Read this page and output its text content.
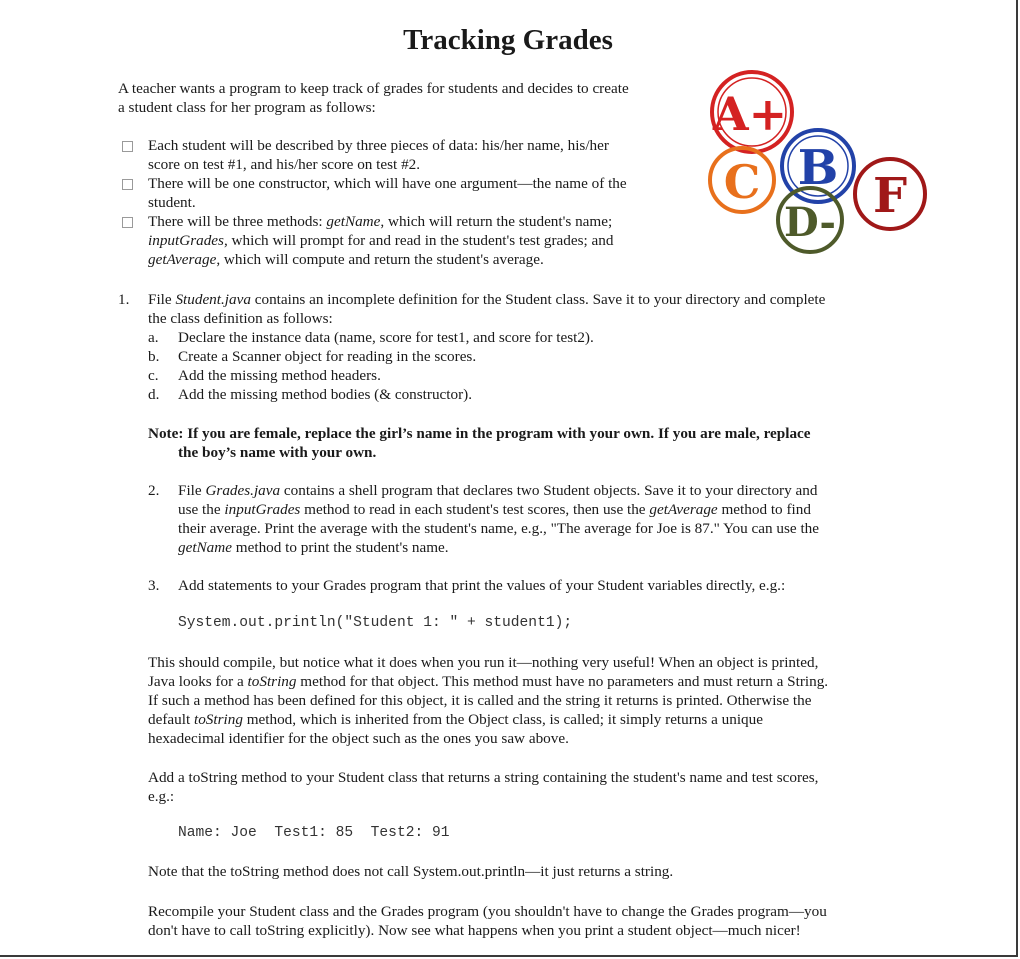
Tracking Grades
A teacher wants a program to keep track of grades for students and decides to create
a student class for her program as follows:
Each student will be described by three pieces of data: his/her name, his/her
score on test #1, and his/her score on test #2.
There will be one constructor, which will have one argument—the name of the
student.
There will be three methods: getName, which will return the student's name;
inputGrades, which will prompt for and read in the student's test grades; and
getAverage, which will compute and return the student's average.
A+
C B
D- F
1. File Student.java contains an incomplete definition for the Student class. Save it to your directory and complete
the class definition as follows:
a. Declare the instance data (name, score for test1, and score for test2).
b. Create a Scanner object for reading in the scores.
c. Add the missing method headers.
d. Add the missing method bodies (& constructor).
Note: If you are female, replace the girl’s name in the program with your own. If you are male, replace
the boy’s name with your own.
2. File Grades.java contains a shell program that declares two Student objects. Save it to your directory and
use the inputGrades method to read in each student's test scores, then use the getAverage method to find
their average. Print the average with the student's name, e.g., "The average for Joe is 87." You can use the
getName method to print the student's name.
3. Add statements to your Grades program that print the values of your Student variables directly, e.g.:
System.out.println("Student 1: " + student1);
This should compile, but notice what it does when you run it—nothing very useful! When an object is printed,
Java looks for a toString method for that object. This method must have no parameters and must return a String.
If such a method has been defined for this object, it is called and the string it returns is printed. Otherwise the
default toString method, which is inherited from the Object class, is called; it simply returns a unique
hexadecimal identifier for the object such as the ones you saw above.
Add a toString method to your Student class that returns a string containing the student's name and test scores,
e.g.:
Name: Joe  Test1: 85  Test2: 91
Note that the toString method does not call System.out.println—it just returns a string.
Recompile your Student class and the Grades program (you shouldn't have to change the Grades program—you
don't have to call toString explicitly). Now see what happens when you print a student object—much nicer!
